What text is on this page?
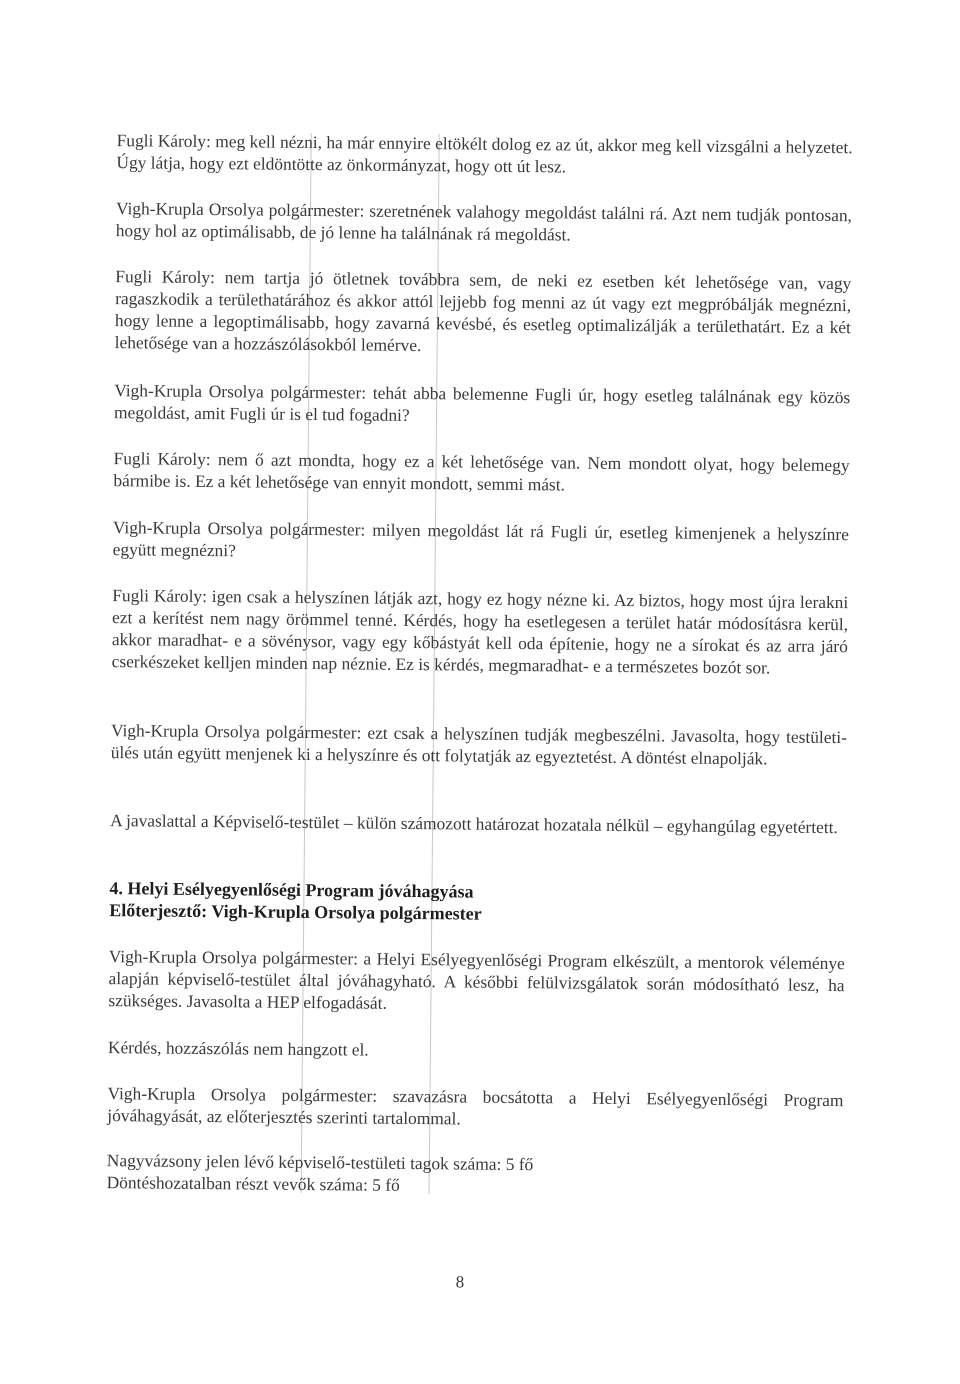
Fugli Károly: meg kell nézni, ha már ennyire eltökélt dolog ez az út, akkor meg kell vizsgálni a helyzetet. Úgy látja, hogy ezt eldöntötte az önkormányzat, hogy ott út lesz.

Vigh-Krupla Orsolya polgármester: szeretnének valahogy megoldást találni rá. Azt nem tudják pontosan, hogy hol az optimálisabb, de jó lenne ha találnának rá megoldást.

Fugli Károly: nem tartja jó ötletnek továbbra sem, de neki ez esetben két lehetősége van, vagy ragaszkodik a területhatárához és akkor attól lejjebb fog menni az út vagy ezt megpróbálják megnézni, hogy lenne a legoptimálisabb, hogy zavarná kevésbé, és esetleg optimalizálják a területhatárt. Ez a két lehetősége van a hozzászólásokból lemérve.

Vigh-Krupla Orsolya polgármester: tehát abba belemenne Fugli úr, hogy esetleg találnának egy közös megoldást, amit Fugli úr is el tud fogadni?

Fugli Károly: nem ő azt mondta, hogy ez a két lehetősége van. Nem mondott olyat, hogy belemegy bármibe is. Ez a két lehetősége van ennyit mondott, semmi mást.

Vigh-Krupla Orsolya polgármester: milyen megoldást lát rá Fugli úr, esetleg kimenjenek a helyszínre együtt megnézni?

Fugli Károly: igen csak a helyszínen látják azt, hogy ez hogy nézne ki. Az biztos, hogy most újra lerakni ezt a kerítést nem nagy örömmel tenné. Kérdés, hogy ha esetlegesen a terület határ módosításra kerül, akkor maradhat- e a sövénysor, vagy egy kőbástyát kell oda építenie, hogy ne a sírokat és az arra járó cserkészeket kelljen minden nap néznie. Ez is kérdés, megmaradhat- e a természetes bozót sor.

Vigh-Krupla Orsolya polgármester: ezt csak a helyszínen tudják megbeszélni. Javasolta, hogy testületi-ülés után együtt menjenek ki a helyszínre és ott folytatják az egyeztetést. A döntést elnapolják.

A javaslattal a Képviselő-testület – külön számozott határozat hozatala nélkül – egyhangúlag egyetértett.

4. Helyi Esélyegyenlőségi Program jóváhagyása

Előterjesztő: Vigh-Krupla Orsolya polgármester

Vigh-Krupla Orsolya polgármester: a Helyi Esélyegyenlőségi Program elkészült, a mentorok véleménye alapján képviselő-testület által jóváhagyható. A későbbi felülvizsgálatok során módosítható lesz, ha szükséges. Javasolta a HEP elfogadását.

Kérdés, hozzászólás nem hangzott el.

Vigh-Krupla Orsolya polgármester: szavazásra bocsátotta a Helyi Esélyegyenlőségi Program jóváhagyását, az előterjesztés szerinti tartalommal.

Nagyvázsony jelen lévő képviselő-testületi tagok száma: 5 fő

Döntéshozatalban részt vevők száma: 5 fő

8
